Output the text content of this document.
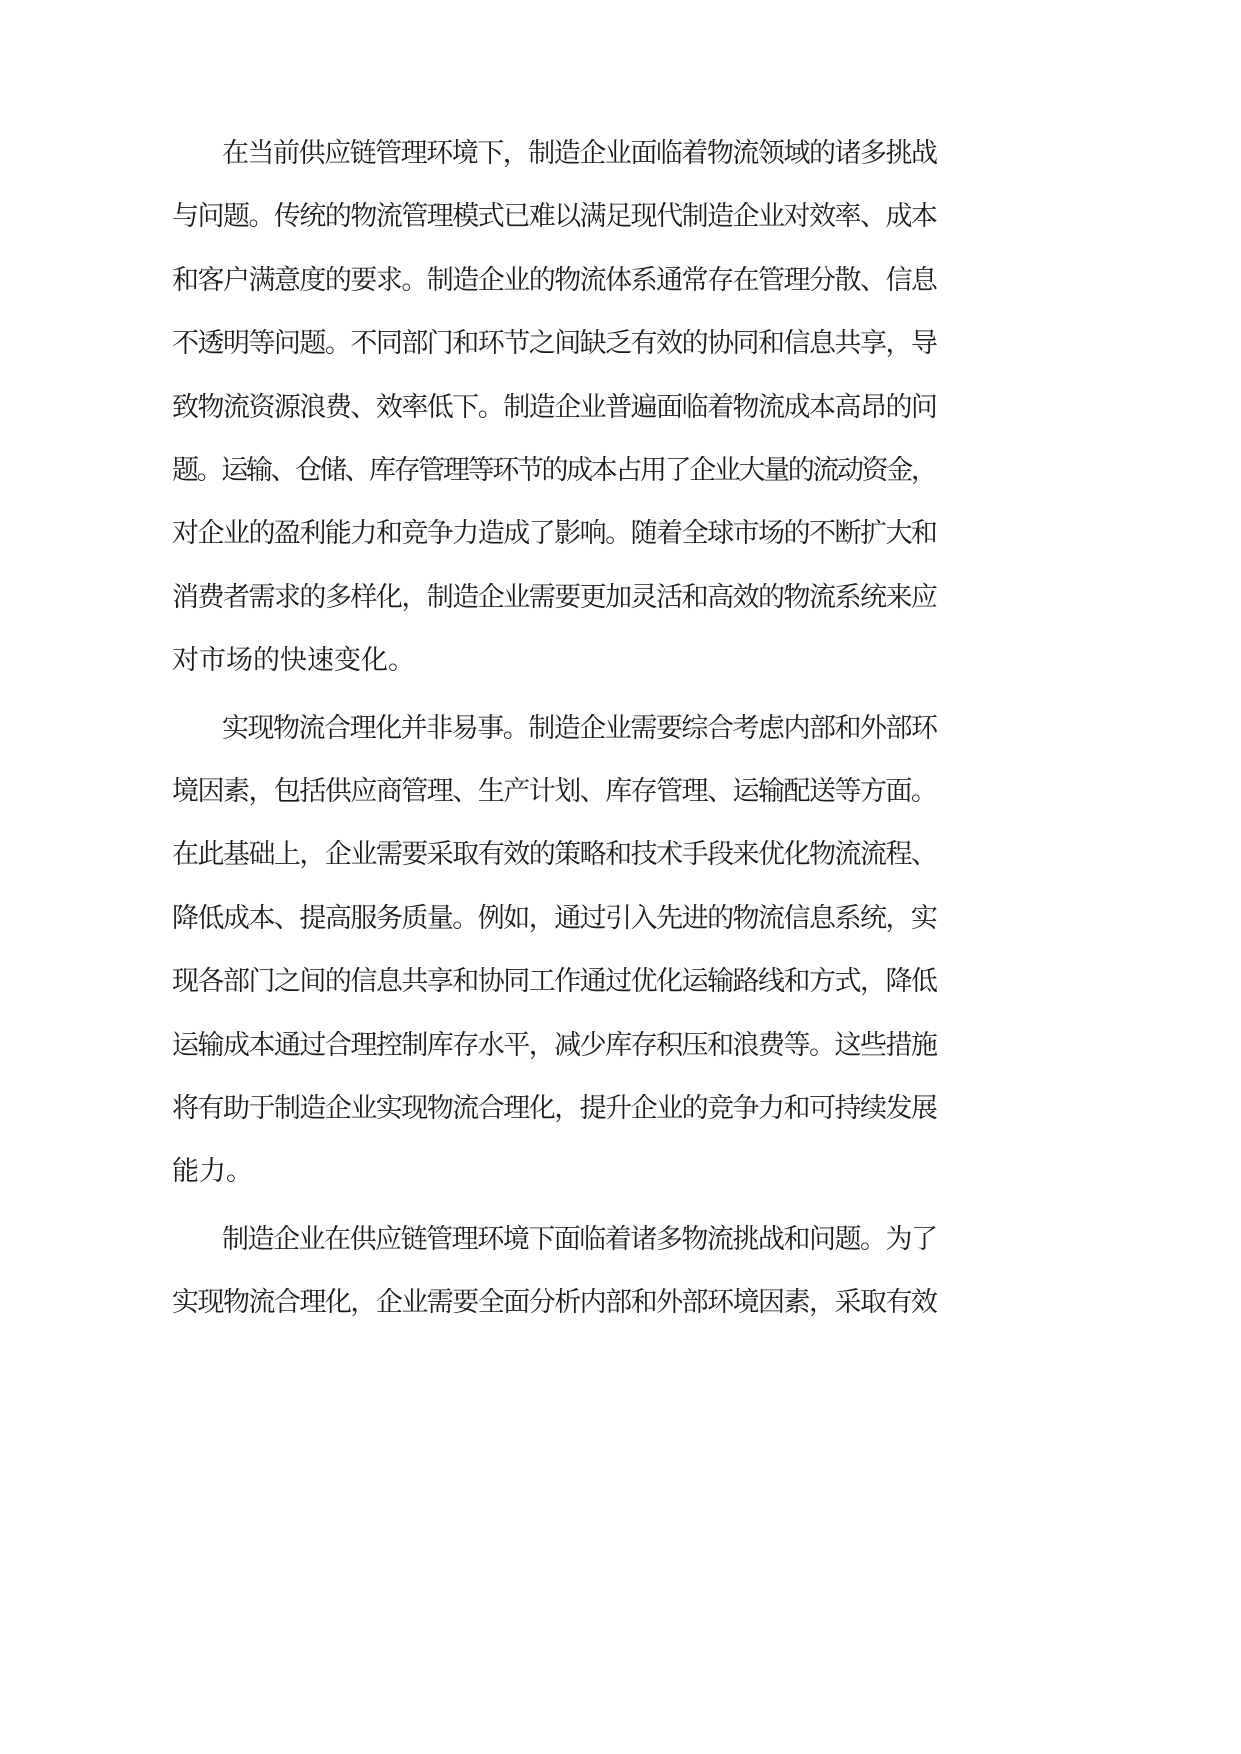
在当前供应链管理环境下，制造企业面临着物流领域的诸多挑战
与问题。传统的物流管理模式已难以满足现代制造企业对效率、成本
和客户满意度的要求。制造企业的物流体系通常存在管理分散、信息
不透明等问题。不同部门和环节之间缺乏有效的协同和信息共享，导
致物流资源浪费、效率低下。制造企业普遍面临着物流成本高昂的问
题。运输、仓储、库存管理等环节的成本占用了企业大量的流动资金，
对企业的盈利能力和竞争力造成了影响。随着全球市场的不断扩大和
消费者需求的多样化，制造企业需要更加灵活和高效的物流系统来应
对市场的快速变化。
实现物流合理化并非易事。制造企业需要综合考虑内部和外部环
境因素，包括供应商管理、生产计划、库存管理、运输配送等方面。
在此基础上，企业需要采取有效的策略和技术手段来优化物流流程、
降低成本、提高服务质量。例如，通过引入先进的物流信息系统，实
现各部门之间的信息共享和协同工作通过优化运输路线和方式，降低
运输成本通过合理控制库存水平，减少库存积压和浪费等。这些措施
将有助于制造企业实现物流合理化，提升企业的竞争力和可持续发展
能力。
制造企业在供应链管理环境下面临着诸多物流挑战和问题。为了
实现物流合理化，企业需要全面分析内部和外部环境因素，采取有效
